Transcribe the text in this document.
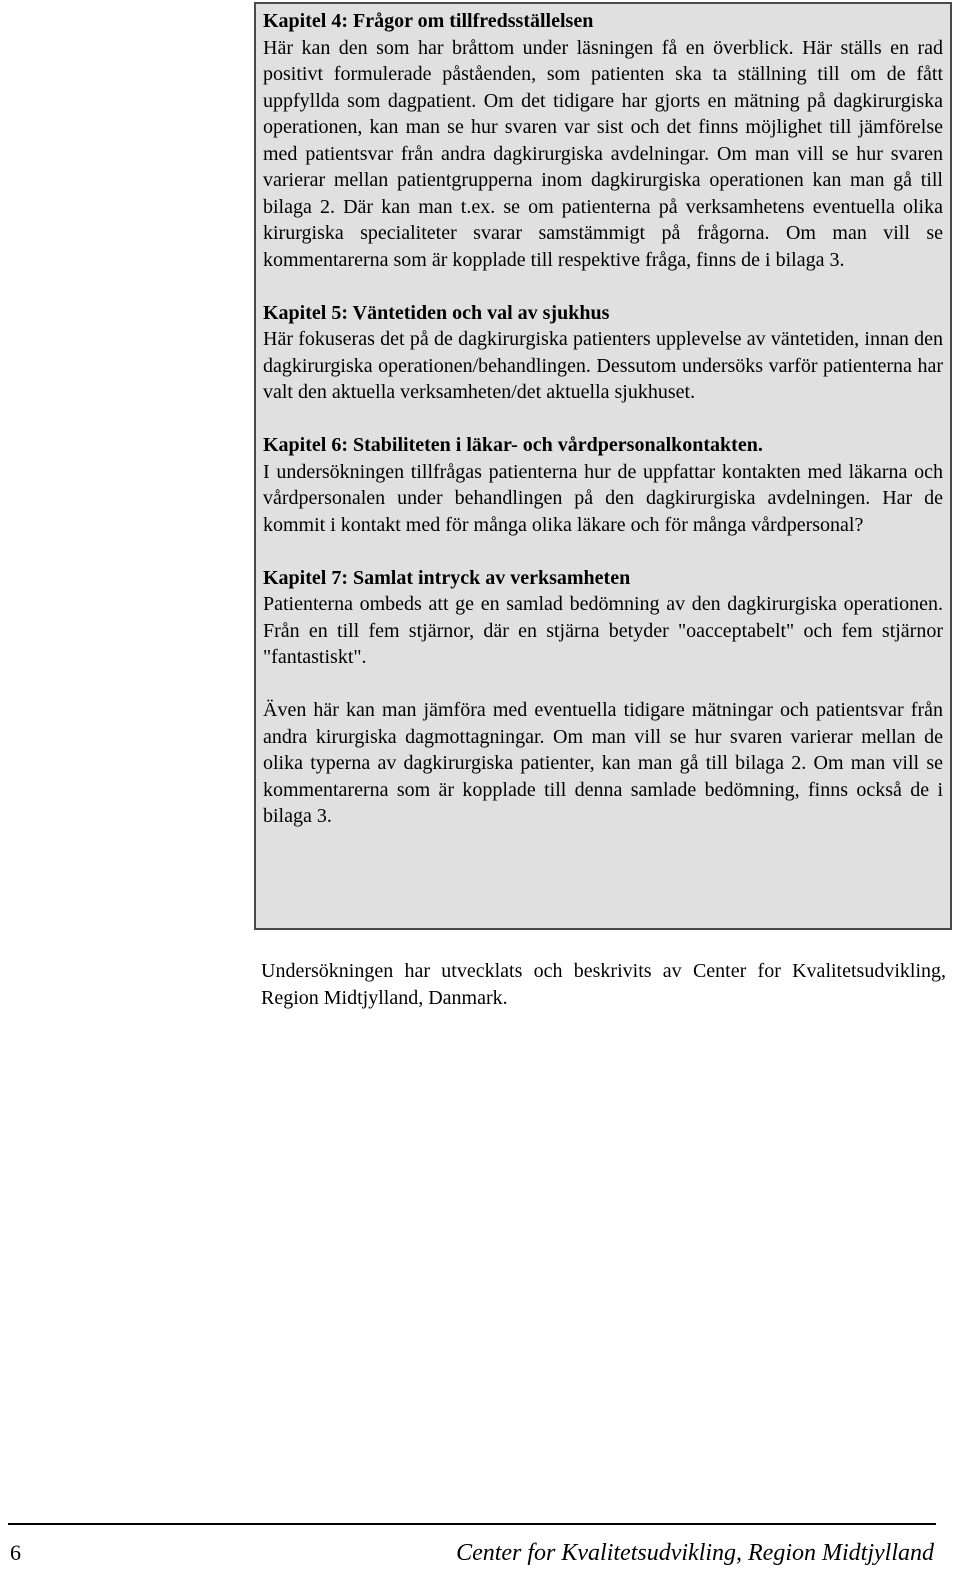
Kapitel 4: Frågor om tillfredsställelsen

Här kan den som har bråttom under läsningen få en överblick. Här ställs en rad positivt formulerade påståenden, som patienten ska ta ställning till om de fått uppfyllda som dagpatient. Om det tidigare har gjorts en mätning på dagkirurgiska operationen, kan man se hur svaren var sist och det finns möjlighet till jämförelse med patientsvar från andra dagkirurgiska avdelningar. Om man vill se hur svaren varierar mellan patientgrupperna inom dagkirurgiska operationen kan man gå till bilaga 2. Där kan man t.ex. se om patienterna på verksamhetens eventuella olika kirurgiska specialiteter svarar samstämmigt på frågorna. Om man vill se kommentarerna som är kopplade till respektive fråga, finns de i bilaga 3.

Kapitel 5: Väntetiden och val av sjukhus

Här fokuseras det på de dagkirurgiska patienters upplevelse av väntetiden, innan den dagkirurgiska operationen/behandlingen. Dessutom undersöks varför patienterna har valt den aktuella verksamheten/det aktuella sjukhuset.

Kapitel 6: Stabiliteten i läkar- och vårdpersonalkontakten.

I undersökningen tillfrågas patienterna hur de uppfattar kontakten med läkarna och vårdpersonalen under behandlingen på den dagkirurgiska avdelningen. Har de kommit i kontakt med för många olika läkare och för många vårdpersonal?

Kapitel 7: Samlat intryck av verksamheten

Patienterna ombeds att ge en samlad bedömning av den dagkirurgiska operationen. Från en till fem stjärnor, där en stjärna betyder "oacceptabelt" och fem stjärnor "fantastiskt".

Även här kan man jämföra med eventuella tidigare mätningar och patientsvar från andra kirurgiska dagmottagningar. Om man vill se hur svaren varierar mellan de olika typerna av dagkirurgiska patienter, kan man gå till bilaga 2. Om man vill se kommentarerna som är kopplade till denna samlade bedömning, finns också de i bilaga 3.

Undersökningen har utvecklats och beskrivits av Center for Kvalitetsudvikling, Region Midtjylland, Danmark.

6	Center for Kvalitetsudvikling, Region Midtjylland
